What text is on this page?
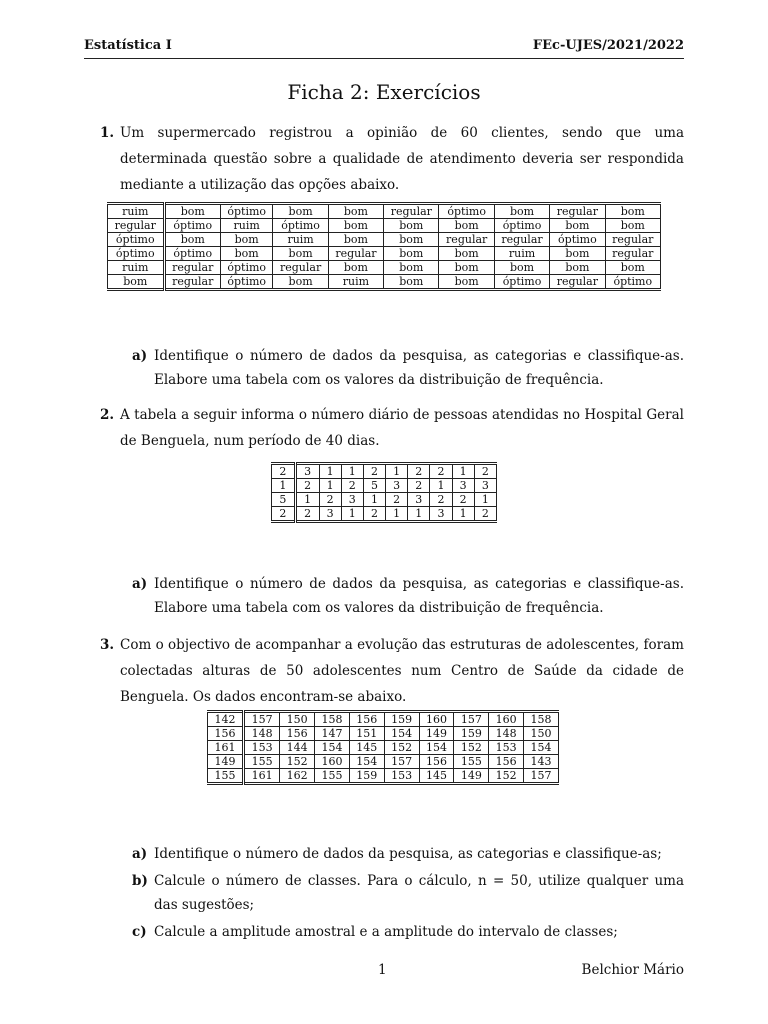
Estatística I	FEc-UJES/2021/2022
Ficha 2: Exercícios
1. Um supermercado registrou a opinião de 60 clientes, sendo que uma determinada questão sobre a qualidade de atendimento deveria ser respondida mediante a utilização das opções abaixo.
ruim	bom	óptimo	bom	bom	regular	óptimo	bom	regular	bom
regular	óptimo	ruim	óptimo	bom	bom	bom	óptimo	bom	bom
óptimo	bom	bom	ruim	bom	bom	regular	regular	óptimo	regular
óptimo	óptimo	bom	bom	regular	bom	bom	ruim	bom	regular
ruim	regular	óptimo	regular	bom	bom	bom	bom	bom	bom
bom	regular	óptimo	bom	ruim	bom	bom	óptimo	regular	óptimo
a) Identifique o número de dados da pesquisa, as categorias e classifique-as. Elabore uma tabela com os valores da distribuição de frequência.
2. A tabela a seguir informa o número diário de pessoas atendidas no Hospital Geral de Benguela, num período de 40 dias.
2	3	1	1	2	1	2	2	1	2
1	2	1	2	5	3	2	1	3	3
5	1	2	3	1	2	3	2	2	1
2	2	3	1	2	1	1	3	1	2
a) Identifique o número de dados da pesquisa, as categorias e classifique-as. Elabore uma tabela com os valores da distribuição de frequência.
3. Com o objectivo de acompanhar a evolução das estruturas de adolescentes, foram colectadas alturas de 50 adolescentes num Centro de Saúde da cidade de Benguela. Os dados encontram-se abaixo.
142	157	150	158	156	159	160	157	160	158
156	148	156	147	151	154	149	159	148	150
161	153	144	154	145	152	154	152	153	154
149	155	152	160	154	157	156	155	156	143
155	161	162	155	159	153	145	149	152	157
a) Identifique o número de dados da pesquisa, as categorias e classifique-as;
b) Calcule o número de classes. Para o cálculo, n = 50, utilize qualquer uma das sugestões;
c) Calcule a amplitude amostral e a amplitude do intervalo de classes;
1	Belchior Mário
